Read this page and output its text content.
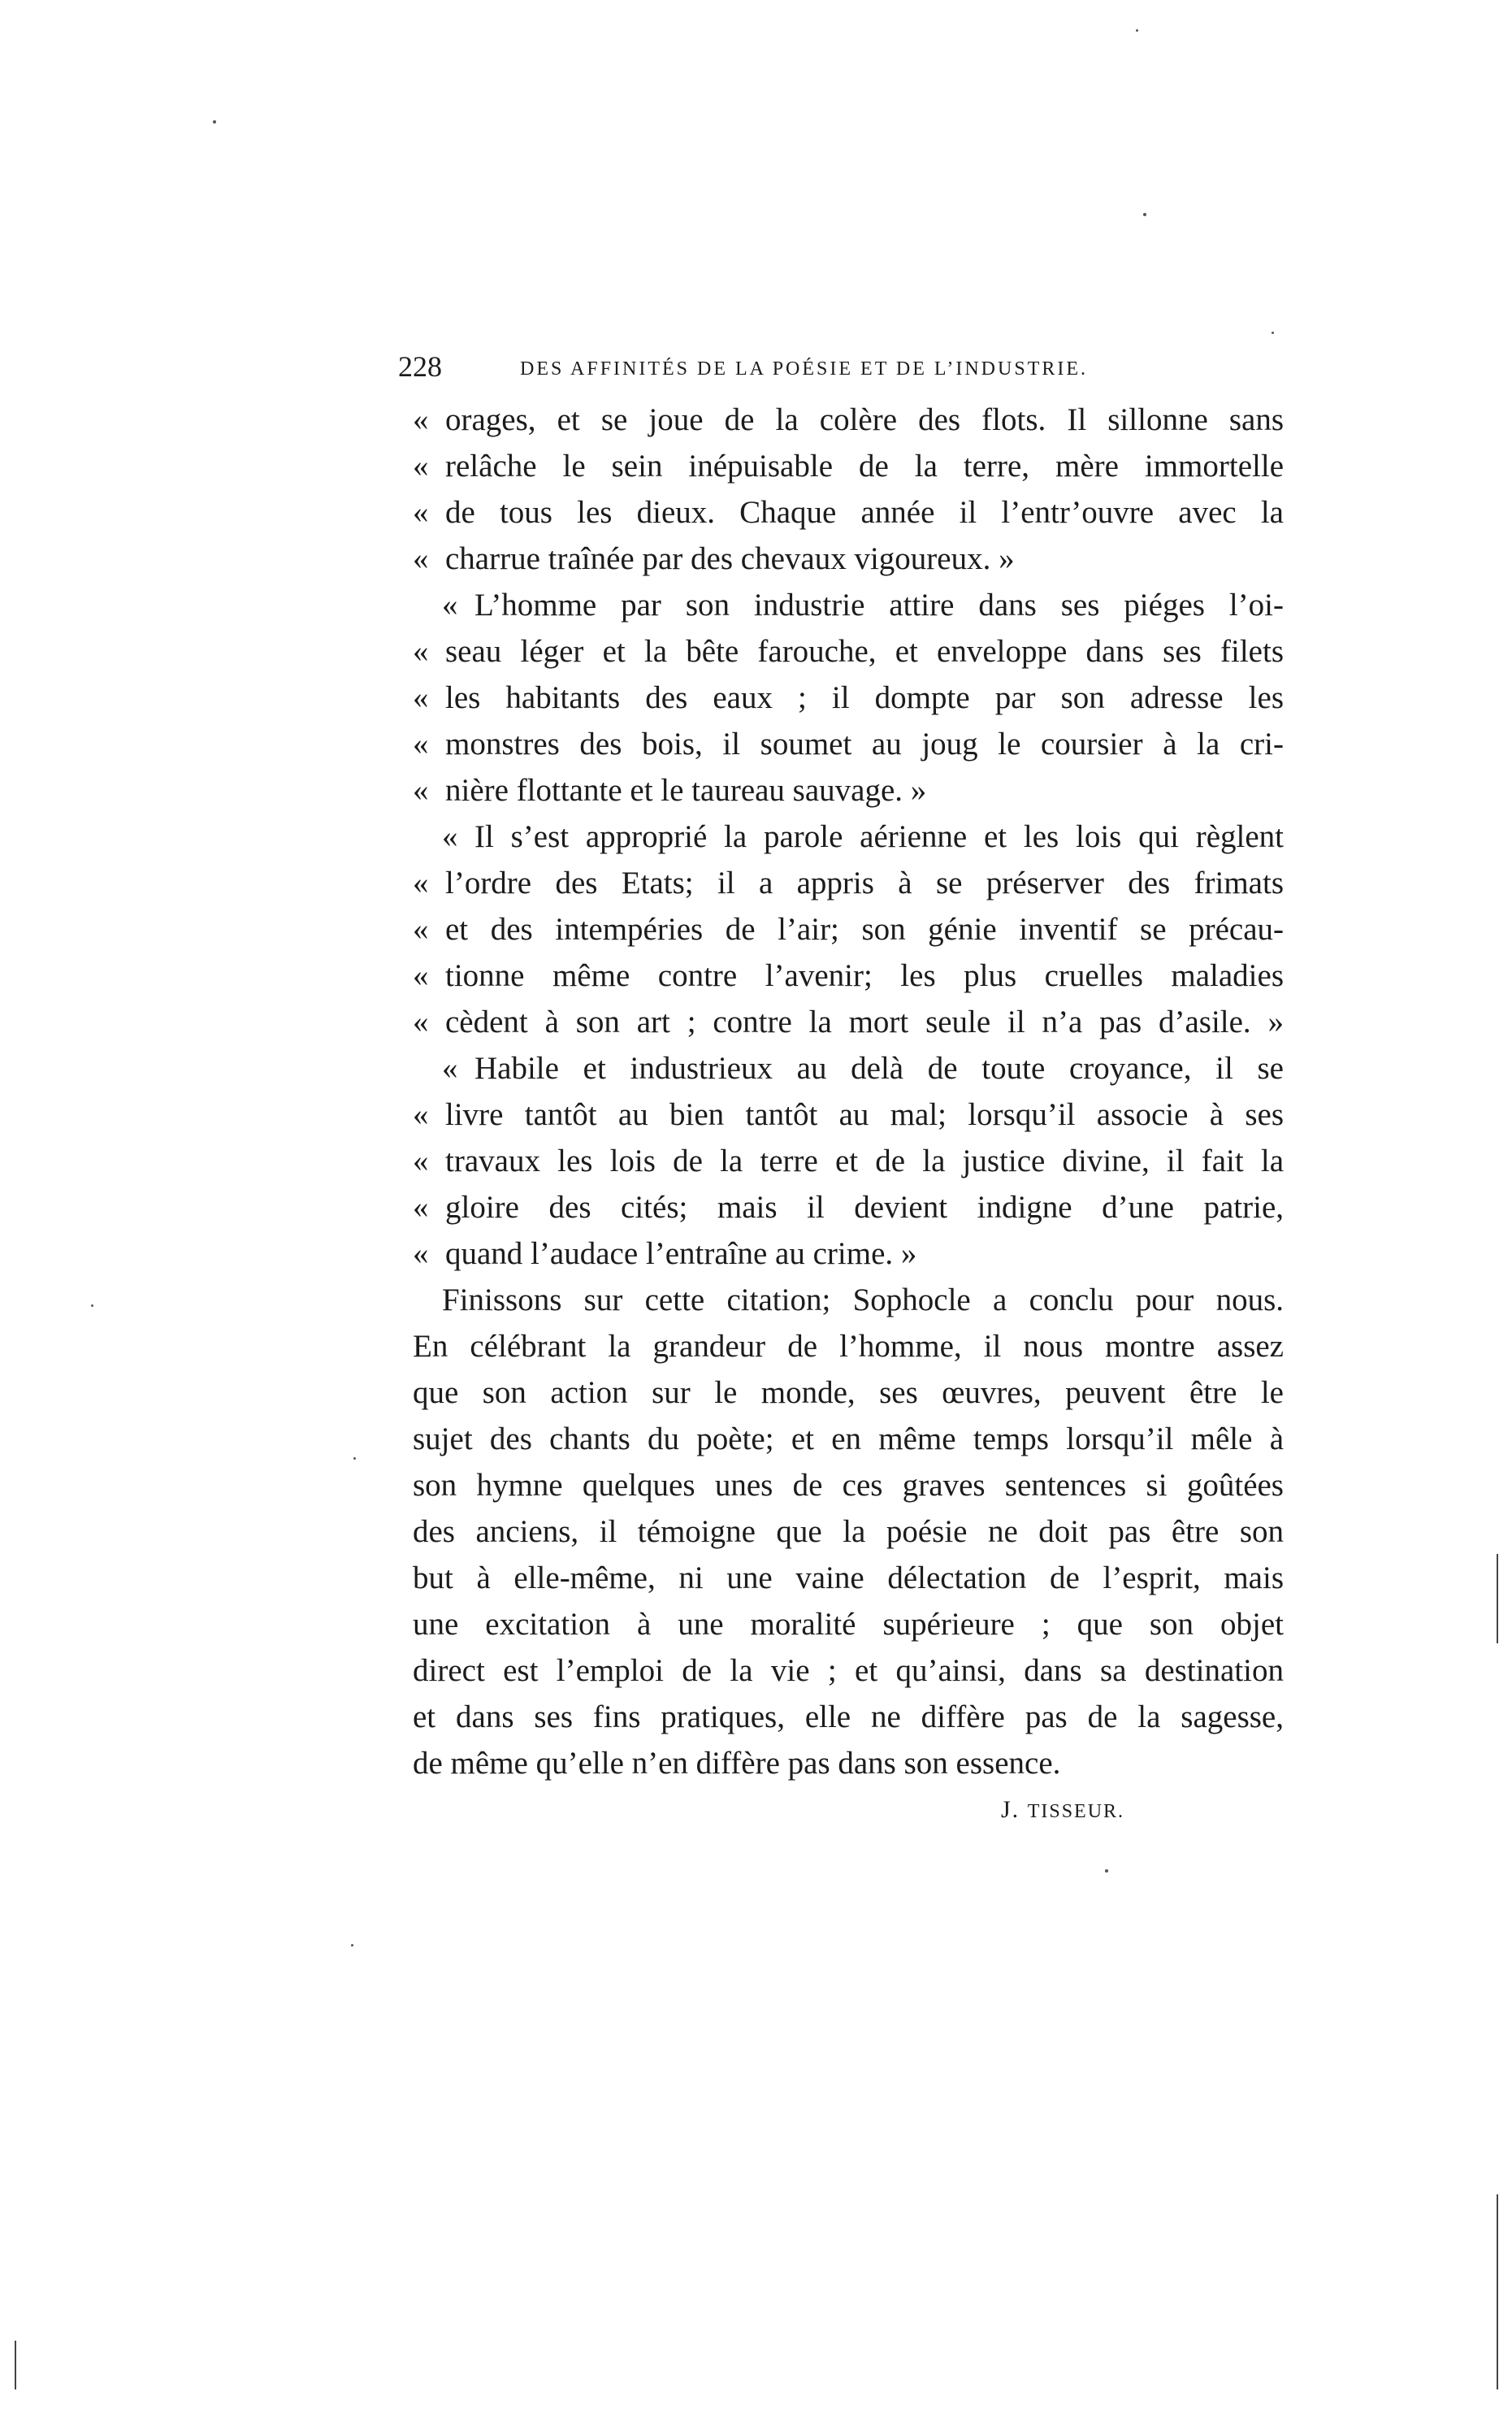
228	DES AFFINITÉS DE LA POÉSIE ET DE L’INDUSTRIE.
« orages, et se joue de la colère des flots. Il sillonne sans
« relâche le sein inépuisable de la terre, mère immortelle
« de tous les dieux. Chaque année il l’entr’ouvre avec la
« charrue traînée par des chevaux vigoureux. »
« L’homme par son industrie attire dans ses piéges l’oi-
« seau léger et la bête farouche, et enveloppe dans ses filets
« les habitants des eaux ; il dompte par son adresse les
« monstres des bois, il soumet au joug le coursier à la cri-
« nière flottante et le taureau sauvage. »
« Il s’est approprié la parole aérienne et les lois qui règlent
« l’ordre des Etats; il a appris à se préserver des frimats
« et des intempéries de l’air; son génie inventif se précau-
« tionne même contre l’avenir; les plus cruelles maladies
« cèdent à son art ; contre la mort seule il n’a pas d’asile. »
« Habile et industrieux au delà de toute croyance, il se
« livre tantôt au bien tantôt au mal; lorsqu’il associe à ses
« travaux les lois de la terre et de la justice divine, il fait la
« gloire des cités; mais il devient indigne d’une patrie,
« quand l’audace l’entraîne au crime. »
Finissons sur cette citation; Sophocle a conclu pour nous.
En célébrant la grandeur de l’homme, il nous montre assez
que son action sur le monde, ses œuvres, peuvent être le
sujet des chants du poète; et en même temps lorsqu’il mêle à
son hymne quelques unes de ces graves sentences si goûtées
des anciens, il témoigne que la poésie ne doit pas être son
but à elle-même, ni une vaine délectation de l’esprit, mais
une excitation à une moralité supérieure ; que son objet
direct est l’emploi de la vie ; et qu’ainsi, dans sa destination
et dans ses fins pratiques, elle ne diffère pas de la sagesse,
de même qu’elle n’en diffère pas dans son essence.
J. TISSEUR.
